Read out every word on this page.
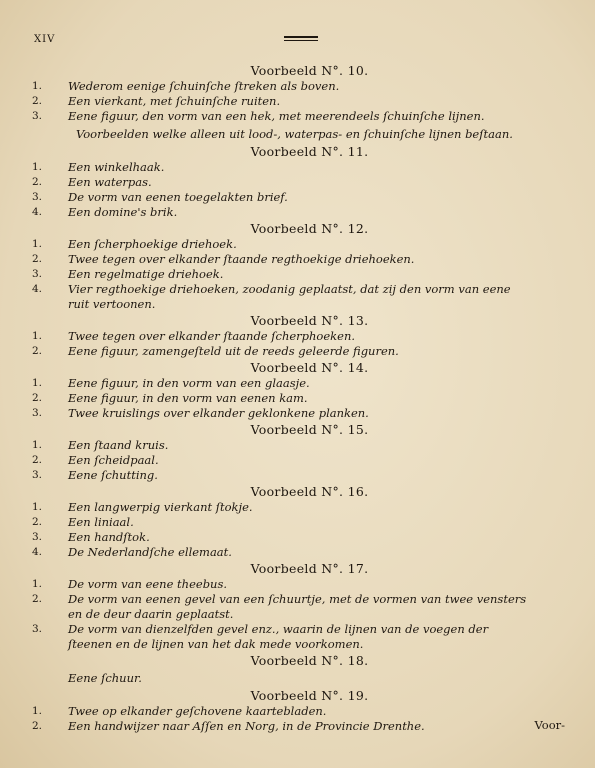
XIV
Voorbeeld N°. 10.
1.	Wederom eenige ſchuinſche ſtreken als boven.
2.	Een vierkant, met ſchuinſche ruiten.
3.	Eene figuur, den vorm van een hek, met meerendeels ſchuinſche lijnen.
Voorbeelden welke alleen uit lood-, waterpas- en ſchuinſche lijnen beſtaan.
Voorbeeld N°. 11.
1.	Een winkelhaak.
2.	Een waterpas.
3.	De vorm van eenen toegelakten brief.
4.	Een domine's brik.
Voorbeeld N°. 12.
1.	Een ſcherphoekige driehoek.
2.	Twee tegen over elkander ſtaande regthoekige driehoeken.
3.	Een regelmatige driehoek.
4.	Vier regthoekige driehoeken, zoodanig geplaatst, dat zij den vorm van eene
ruit vertoonen.
Voorbeeld N°. 13.
1.	Twee tegen over elkander ſtaande ſcherphoeken.
2.	Eene figuur, zamengeſteld uit de reeds geleerde figuren.
Voorbeeld N°. 14.
1.	Eene figuur, in den vorm van een glaasje.
2.	Eene figuur, in den vorm van eenen kam.
3.	Twee kruislings over elkander geklonkene planken.
Voorbeeld N°. 15.
1.	Een ſtaand kruis.
2.	Een ſcheidpaal.
3.	Eene ſchutting.
Voorbeeld N°. 16.
1.	Een langwerpig vierkant ſtokje.
2.	Een liniaal.
3.	Een handſtok.
4.	De Nederlandſche ellemaat.
Voorbeeld N°. 17.
1.	De vorm van eene theebus.
2.	De vorm van eenen gevel van een ſchuurtje, met de vormen van twee vensters
en de deur daarin geplaatst.
3.	De vorm van dienzelfden gevel enz., waarin de lijnen van de voegen der
ſteenen en de lijnen van het dak mede voorkomen.
Voorbeeld N°. 18.
Eene ſchuur.
Voorbeeld N°. 19.
1.	Twee op elkander geſchovene kaartebladen.
2.	Een handwijzer naar Aſſen en Norg, in de Provincie Drenthe.	Voor-
